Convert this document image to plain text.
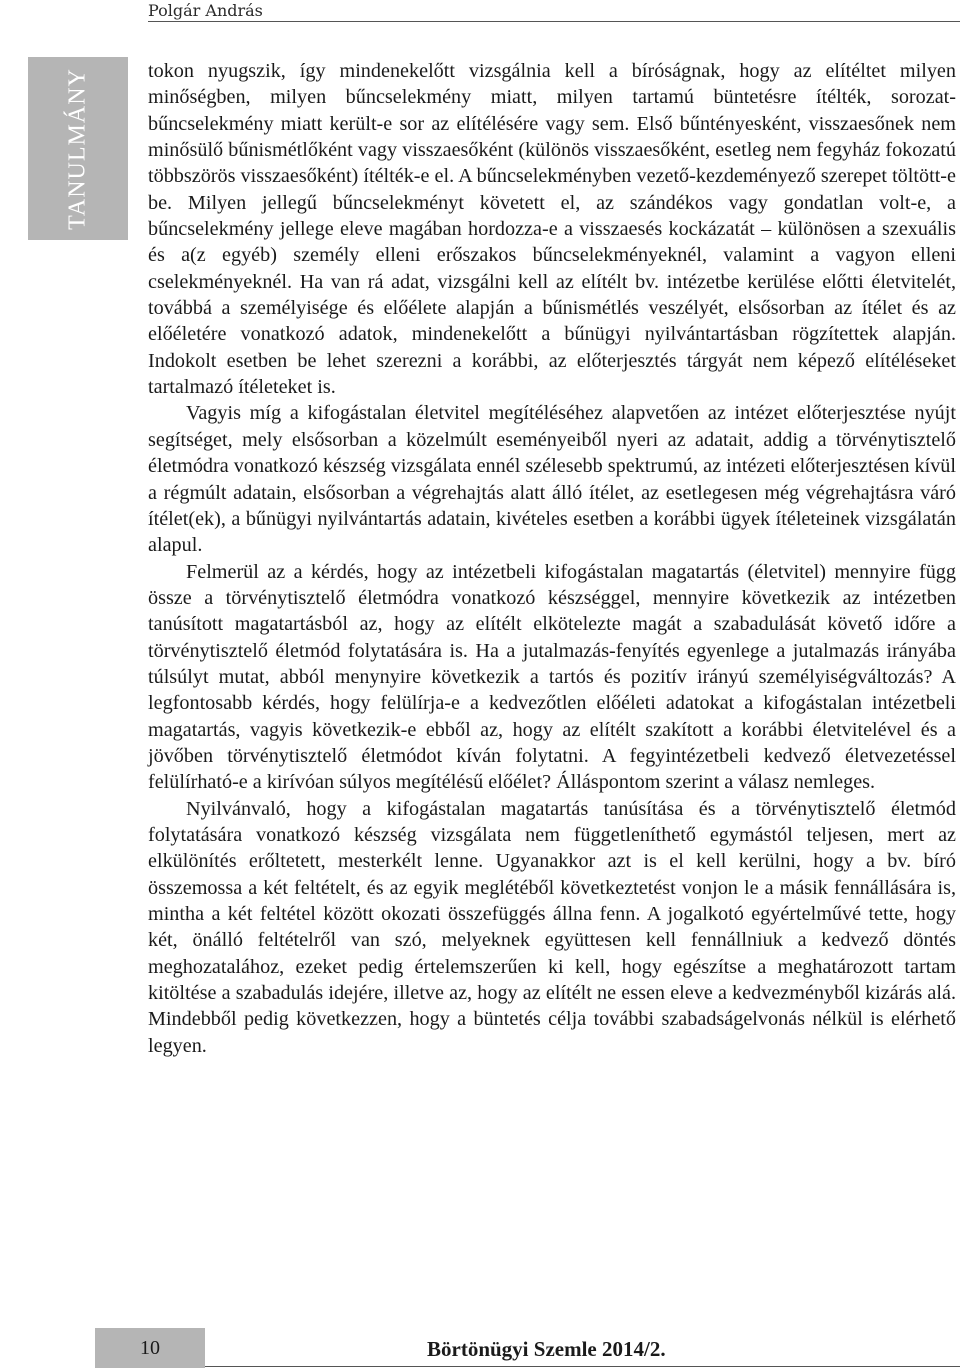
Polgár András
TANULMÁNY	tokon nyugszik, így mindenekelőtt vizsgálnia kell a bíróságnak, hogy az elítéltet milyen minőségben, milyen bűncselekmény miatt, milyen tartamú büntetésre ítélték, sorozat-bűncselekmény miatt került-e sor az elítélésére vagy sem. Első bűntényesként, visszaesőnek nem minősülő bűnismétlőként vagy visszaesőként (különös visszaesőként, esetleg nem fegyház fokozatú többszörös visszaesőként) ítélték-e el. A bűncselekményben vezető-kezdeményező szerepet töltött-e be. Milyen jellegű bűncselekményt követett el, az szándékos vagy gondatlan volt-e, a bűncselekmény jellege eleve magában hordozza-e a visszaesés kockázatát – különösen a szexuális és a(z egyéb) személy elleni erőszakos bűncselekményeknél, valamint a vagyon elleni cselekményeknél. Ha van rá adat, vizsgálni kell az elítélt bv. intézetbe kerülése előtti életvitelét, továbbá a személyisége és előélete alapján a bűnismétlés veszélyét, elsősorban az ítélet és az előéletére vonatkozó adatok, mindenekelőtt a bűnügyi nyilvántartásban rögzítettek alapján. Indokolt esetben be lehet szerezni a korábbi, az előterjesztés tárgyát nem képező elítéléseket tartalmazó ítéleteket is.

Vagyis míg a kifogástalan életvitel megítéléséhez alapvetően az intézet előterjesztése nyújt segítséget, mely elsősorban a közelmúlt eseményeiből nyeri az adatait, addig a törvénytisztelő életmódra vonatkozó készség vizsgálata ennél szélesebb spektrumú, az intézeti előterjesztésen kívül a régmúlt adatain, elsősorban a végrehajtás alatt álló ítélet, az esetlegesen még végrehajtásra váró ítélet(ek), a bűnügyi nyilvántartás adatain, kivételes esetben a korábbi ügyek ítéleteinek vizsgálatán alapul.

Felmerül az a kérdés, hogy az intézetbeli kifogástalan magatartás (életvitel) mennyire függ össze a törvénytisztelő életmódra vonatkozó készséggel, mennyire következik az intézetben tanúsított magatartásból az, hogy az elítélt elkötelezte magát a szabadulását követő időre a törvénytisztelő életmód folytatására is. Ha a jutalmazás-fenyítés egyenlege a jutalmazás irányába túlsúlyt mutat, abból menynyire következik a tartós és pozitív irányú személyiségváltozás? A legfontosabb kérdés, hogy felülírja-e a kedvezőtlen előéleti adatokat a kifogástalan intézetbeli magatartás, vagyis következik-e ebből az, hogy az elítélt szakított a korábbi életvitelével és a jövőben törvénytisztelő életmódot kíván folytatni. A fegyintézetbeli kedvező életvezetéssel felülírható-e a kirívóan súlyos megítélésű előélet? Álláspontom szerint a válasz nemleges.

Nyilvánvaló, hogy a kifogástalan magatartás tanúsítása és a törvénytisztelő életmód folytatására vonatkozó készség vizsgálata nem függetleníthető egymástól teljesen, mert az elkülönítés erőltetett, mesterkélt lenne. Ugyanakkor azt is el kell kerülni, hogy a bv. bíró összemossa a két feltételt, és az egyik meglétéből következtetést vonjon le a másik fennállására is, mintha a két feltétel között okozati összefüggés állna fenn. A jogalkotó egyértelművé tette, hogy két, önálló feltételről van szó, melyeknek együttesen kell fennállniuk a kedvező döntés meghozatalához, ezeket pedig értelemszerűen ki kell, hogy egészítse a meghatározott tartam kitöltése a szabadulás idejére, illetve az, hogy az elítélt ne essen eleve a kedvezményből kizárás alá. Mindebből pedig következzen, hogy a büntetés célja további szabadságelvonás nélkül is elérhető legyen.

10	Börtönügyi Szemle 2014/2.
